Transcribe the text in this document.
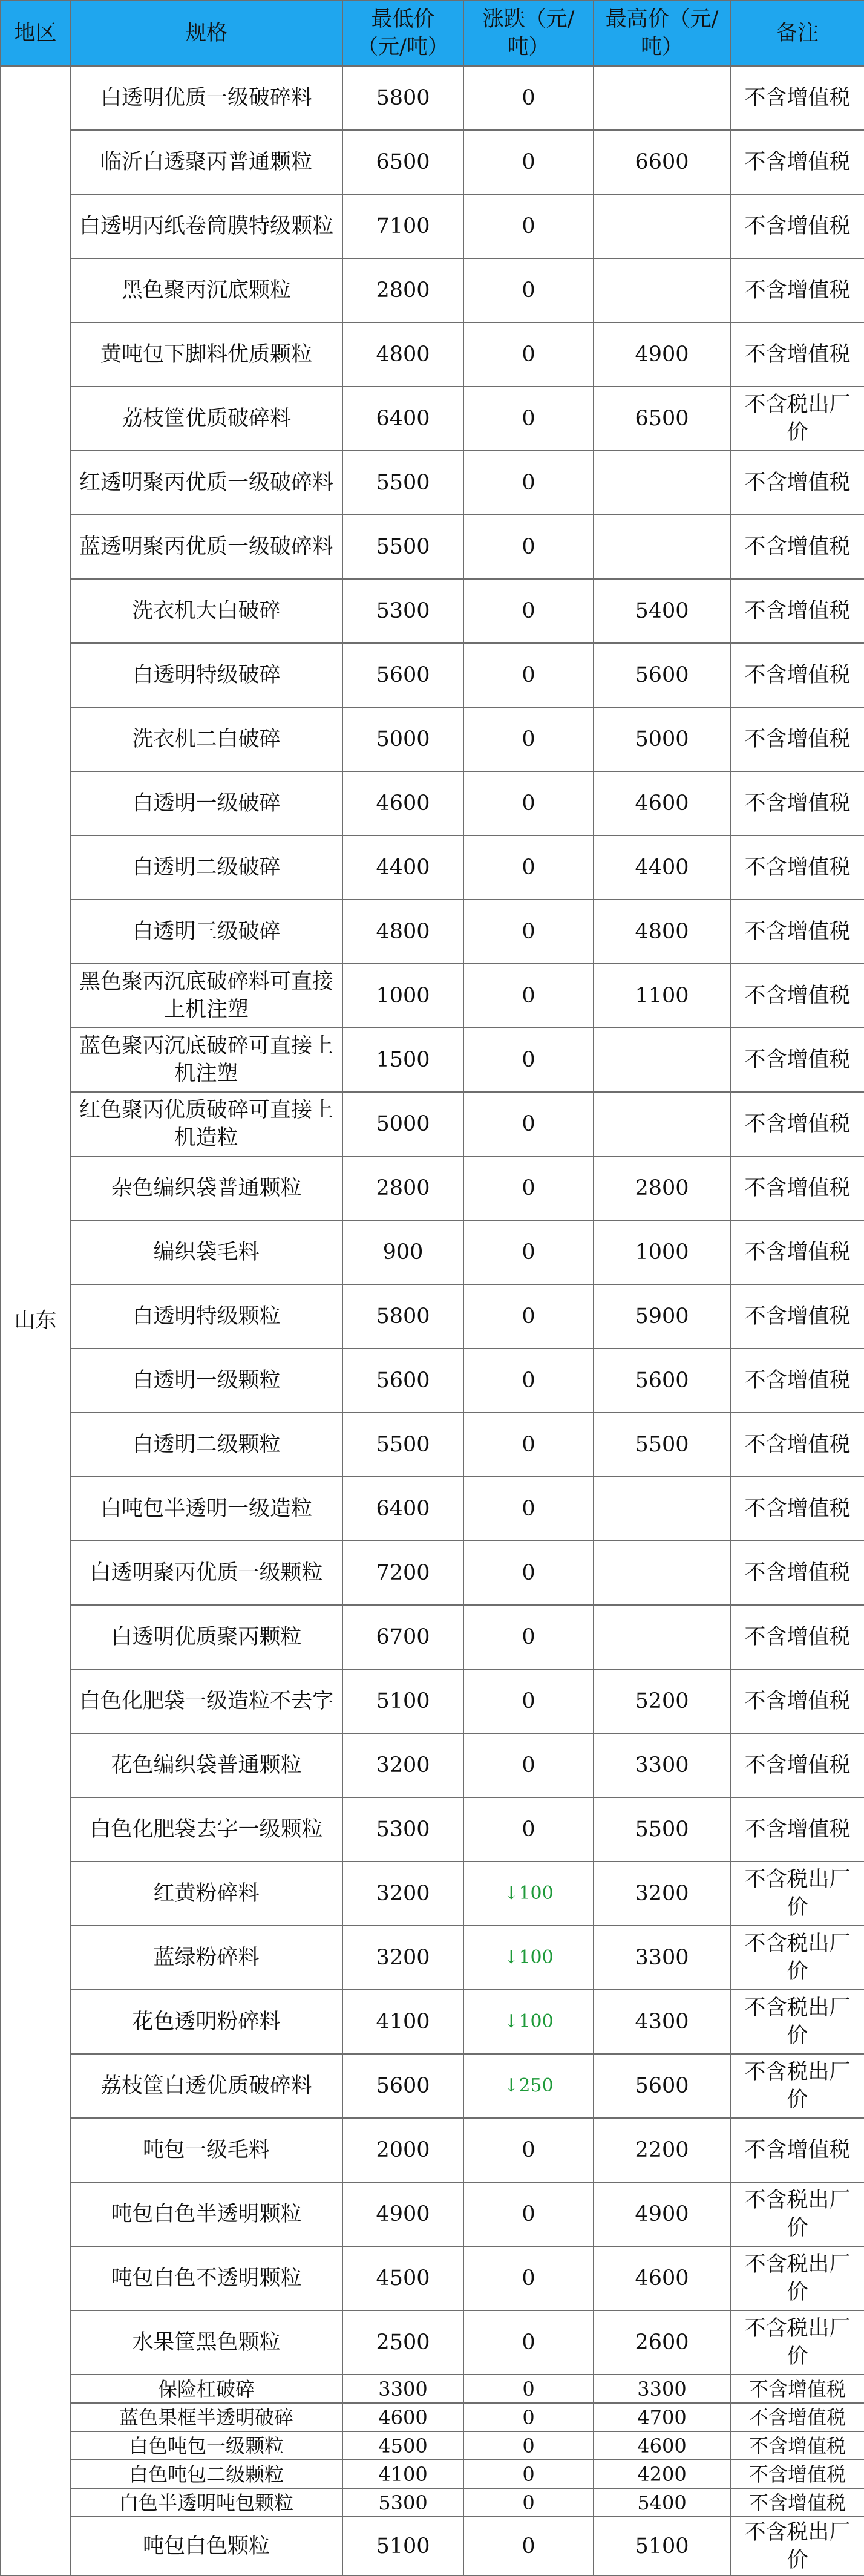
地区	规格	最低价（元/吨）	涨跌（元/吨）	最高价（元/吨）	备注
山东	白透明优质一级破碎料	5800	0		不含增值税
	临沂白透聚丙普通颗粒	6500	0	6600	不含增值税
	白透明丙纸卷筒膜特级颗粒	7100	0		不含增值税
	黑色聚丙沉底颗粒	2800	0		不含增值税
	黄吨包下脚料优质颗粒	4800	0	4900	不含增值税
	荔枝筐优质破碎料	6400	0	6500	不含税出厂价
	红透明聚丙优质一级破碎料	5500	0		不含增值税
	蓝透明聚丙优质一级破碎料	5500	0		不含增值税
	洗衣机大白破碎	5300	0	5400	不含增值税
	白透明特级破碎	5600	0	5600	不含增值税
	洗衣机二白破碎	5000	0	5000	不含增值税
	白透明一级破碎	4600	0	4600	不含增值税
	白透明二级破碎	4400	0	4400	不含增值税
	白透明三级破碎	4800	0	4800	不含增值税
	黑色聚丙沉底破碎料可直接上机注塑	1000	0	1100	不含增值税
	蓝色聚丙沉底破碎可直接上机注塑	1500	0		不含增值税
	红色聚丙优质破碎可直接上机造粒	5000	0		不含增值税
	杂色编织袋普通颗粒	2800	0	2800	不含增值税
	编织袋毛料	900	0	1000	不含增值税
	白透明特级颗粒	5800	0	5900	不含增值税
	白透明一级颗粒	5600	0	5600	不含增值税
	白透明二级颗粒	5500	0	5500	不含增值税
	白吨包半透明一级造粒	6400	0		不含增值税
	白透明聚丙优质一级颗粒	7200	0		不含增值税
	白透明优质聚丙颗粒	6700	0		不含增值税
	白色化肥袋一级造粒不去字	5100	0	5200	不含增值税
	花色编织袋普通颗粒	3200	0	3300	不含增值税
	白色化肥袋去字一级颗粒	5300	0	5500	不含增值税
	红黄粉碎料	3200	↓100	3200	不含税出厂价
	蓝绿粉碎料	3200	↓100	3300	不含税出厂价
	花色透明粉碎料	4100	↓100	4300	不含税出厂价
	荔枝筐白透优质破碎料	5600	↓250	5600	不含税出厂价
	吨包一级毛料	2000	0	2200	不含增值税
	吨包白色半透明颗粒	4900	0	4900	不含税出厂价
	吨包白色不透明颗粒	4500	0	4600	不含税出厂价
	水果筐黑色颗粒	2500	0	2600	不含税出厂价
	保险杠破碎	3300	0	3300	不含增值税
	蓝色果框半透明破碎	4600	0	4700	不含增值税
	白色吨包一级颗粒	4500	0	4600	不含增值税
	白色吨包二级颗粒	4100	0	4200	不含增值税
	白色半透明吨包颗粒	5300	0	5400	不含增值税
	吨包白色颗粒	5100	0	5100	不含税出厂价
